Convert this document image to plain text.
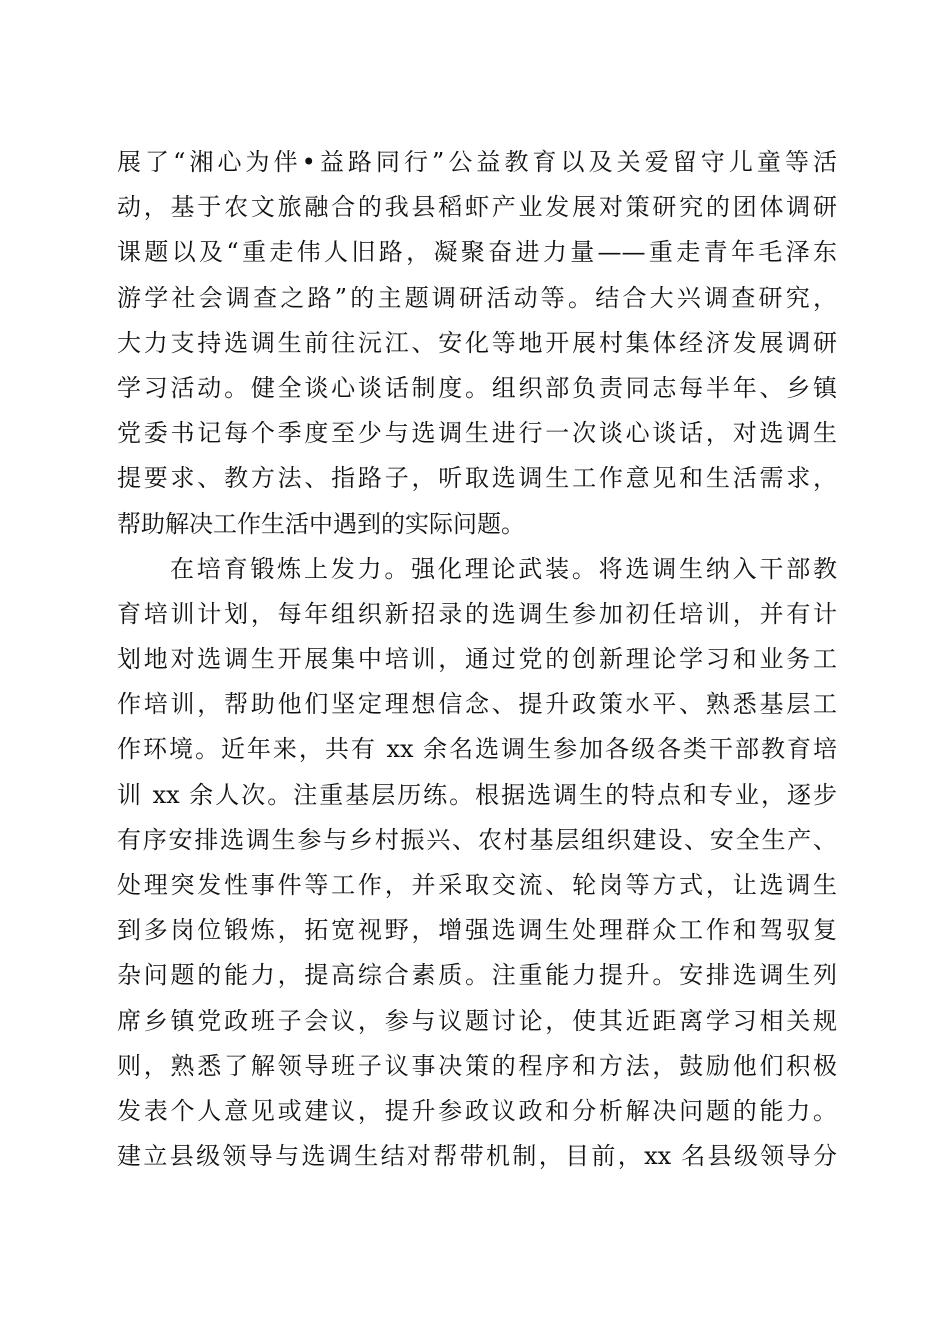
展了“湘心为伴•益路同行”公益教育以及关爱留守儿童等活
动，基于农文旅融合的我县稻虾产业发展对策研究的团体调研
课题以及“重走伟人旧路，凝聚奋进力量——重走青年毛泽东
游学社会调查之路”的主题调研活动等。结合大兴调查研究，
大力支持选调生前往沅江、安化等地开展村集体经济发展调研
学习活动。健全谈心谈话制度。组织部负责同志每半年、乡镇
党委书记每个季度至少与选调生进行一次谈心谈话，对选调生
提要求、教方法、指路子，听取选调生工作意见和生活需求，
帮助解决工作生活中遇到的实际问题。
在培育锻炼上发力。强化理论武装。将选调生纳入干部教
育培训计划，每年组织新招录的选调生参加初任培训，并有计
划地对选调生开展集中培训，通过党的创新理论学习和业务工
作培训，帮助他们坚定理想信念、提升政策水平、熟悉基层工
作环境。近年来，共有 xx 余名选调生参加各级各类干部教育培
训 xx 余人次。注重基层历练。根据选调生的特点和专业，逐步
有序安排选调生参与乡村振兴、农村基层组织建设、安全生产、
处理突发性事件等工作，并采取交流、轮岗等方式，让选调生
到多岗位锻炼，拓宽视野，增强选调生处理群众工作和驾驭复
杂问题的能力，提高综合素质。注重能力提升。安排选调生列
席乡镇党政班子会议，参与议题讨论，使其近距离学习相关规
则，熟悉了解领导班子议事决策的程序和方法，鼓励他们积极
发表个人意见或建议，提升参政议政和分析解决问题的能力。
建立县级领导与选调生结对帮带机制，目前，xx 名县级领导分
